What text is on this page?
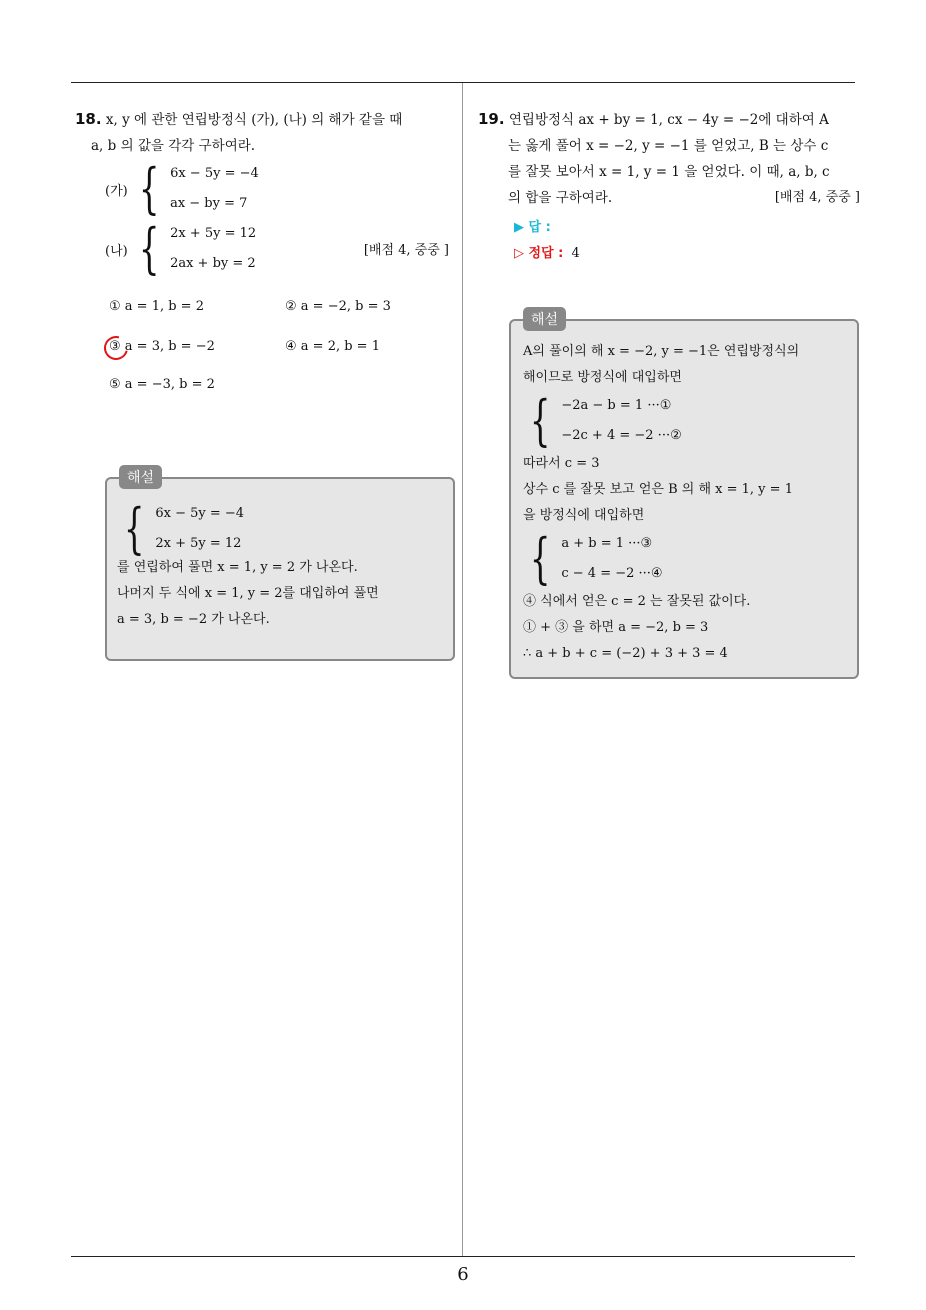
6
18. x, y 에 관한 연립방정식 (가), (나) 의 해가 같을 때
a, b 의 값을 각각 구하여라.
(가) { 6x − 5y = −4
ax − by = 7
(나) { 2x + 5y = 12
2ax + by = 2
[배점 4, 중중 ]
① a = 1, b = 2	② a = −2, b = 3
③ a = 3, b = −2	④ a = 2, b = 1
⑤ a = −3, b = 2
해설
{ 6x − 5y = −4
2x + 5y = 12
를 연립하여 풀면 x = 1, y = 2 가 나온다.
나머지 두 식에 x = 1, y = 2를 대입하여 풀면
a = 3, b = −2 가 나온다.
19. 연립방정식 ax + by = 1, cx − 4y = −2에 대하여 A
는 옳게 풀어 x = −2, y = −1 를 얻었고, B 는 상수 c
를 잘못 보아서 x = 1, y = 1 을 얻었다. 이 때, a, b, c
의 합을 구하여라.	[배점 4, 중중 ]
▶ 답 :
▷ 정답 : 4
해설
A의 풀이의 해 x = −2, y = −1은 연립방정식의
해이므로 방정식에 대입하면
{ −2a − b = 1 ···①
−2c + 4 = −2 ···②
따라서 c = 3
상수 c 를 잘못 보고 얻은 B 의 해 x = 1, y = 1
을 방정식에 대입하면
{ a + b = 1 ···③
c − 4 = −2 ···④
④ 식에서 얻은 c = 2 는 잘못된 값이다.
① + ③ 을 하면 a = −2, b = 3
∴ a + b + c = (−2) + 3 + 3 = 4
